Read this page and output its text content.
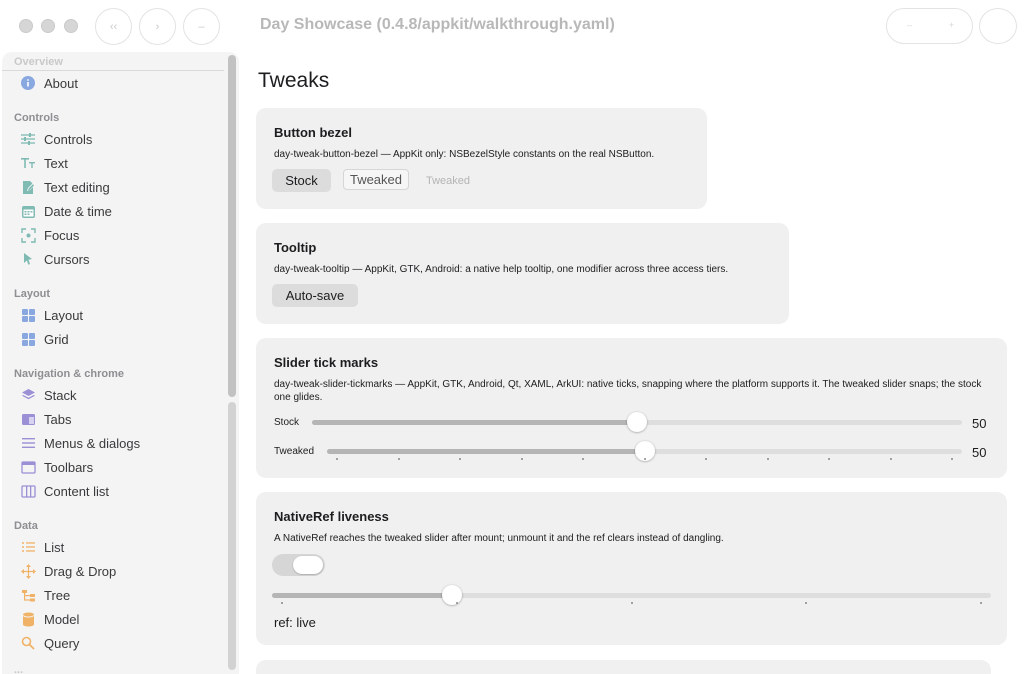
‹‹	›	–	Day Showcase (0.4.8/appkit/walkthrough.yaml)	–	+
Overview
About
Controls
Controls
Text
Text editing
Date & time
Focus
Cursors
Layout
Layout
Grid
Navigation & chrome
Stack
Tabs
Menus & dialogs
Toolbars
Content list
Data
List
Drag & Drop
Tree
Model
Query
...
Tweaks
Button bezel
day-tweak-button-bezel — AppKit only: NSBezelStyle constants on the real NSButton.
Stock	Tweaked	Tweaked
Tooltip
day-tweak-tooltip — AppKit, GTK, Android: a native help tooltip, one modifier across three access tiers.
Auto-save
Slider tick marks
day-tweak-slider-tickmarks — AppKit, GTK, Android, Qt, XAML, ArkUI: native ticks, snapping where the platform supports it. The tweaked slider snaps; the stock one glides.
Stock	50
Tweaked	50
NativeRef liveness
A NativeRef reaches the tweaked slider after mount; unmount it and the ref clears instead of dangling.
ref: live
